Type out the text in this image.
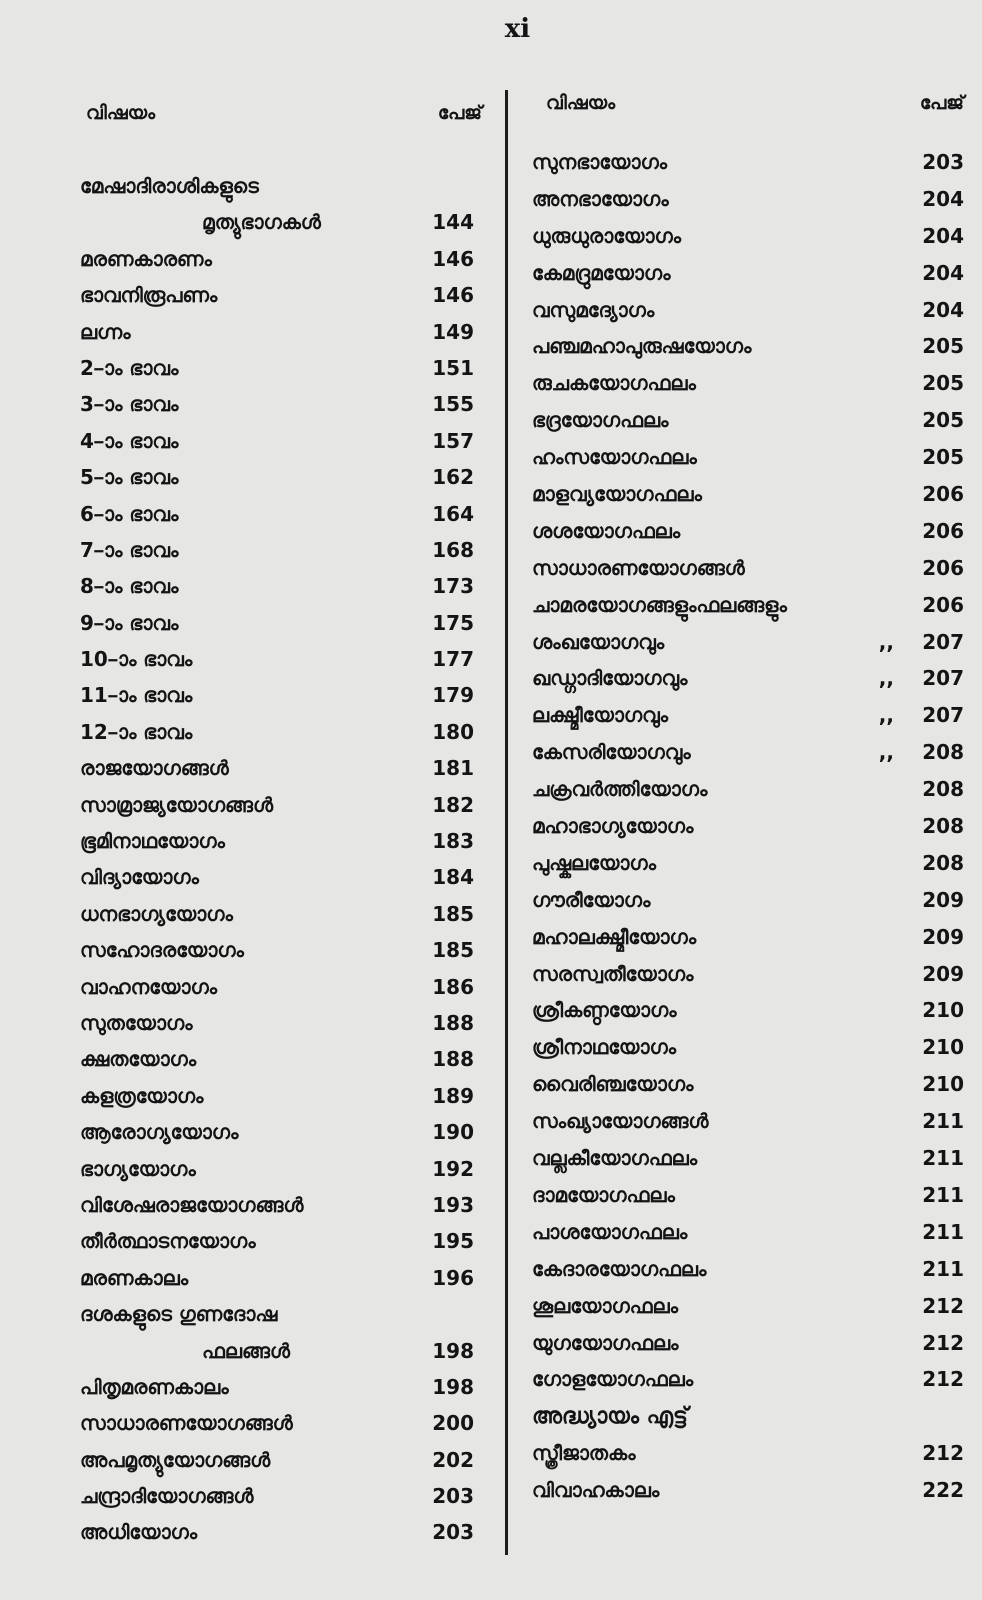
xi
വിഷയം	പേജ്
മേഷാദിരാശികളുടെ
മൃത്യുഭാഗകൾ	144
മരണകാരണം	146
ഭാവനിരൂപണം	146
ലഗ്നം	149
2–ാം ഭാവം	151
3–ാം ഭാവം	155
4–ാം ഭാവം	157
5–ാം ഭാവം	162
6–ാം ഭാവം	164
7–ാം ഭാവം	168
8–ാം ഭാവം	173
9–ാം ഭാവം	175
10–ാം ഭാവം	177
11–ാം ഭാവം	179
12–ാം ഭാവം	180
രാജയോഗങ്ങൾ	181
സാമ്രാജ്യയോഗങ്ങൾ	182
ഭൂമിനാഥയോഗം	183
വിദ്യായോഗം	184
ധനഭാഗ്യയോഗം	185
സഹോദരയോഗം	185
വാഹനയോഗം	186
സുതയോഗം	188
ക്ഷതയോഗം	188
കളത്രയോഗം	189
ആരോഗ്യയോഗം	190
ഭാഗ്യയോഗം	192
വിശേഷരാജയോഗങ്ങൾ	193
തീർത്ഥാടനയോഗം	195
മരണകാലം	196
ദശകളുടെ ഗുണദോഷ
ഫലങ്ങൾ	198
പിതൃമരണകാലം	198
സാധാരണയോഗങ്ങൾ	200
അപമൃത്യുയോഗങ്ങൾ	202
ചന്ദ്രാദിയോഗങ്ങൾ	203
അധിയോഗം	203
വിഷയം	പേജ്
സുനഭായോഗം	203
അനഭായോഗം	204
ധുരുധുരായോഗം	204
കേമദ്രുമയോഗം	204
വസുമദ്യോഗം	204
പഞ്ചമഹാപുരുഷയോഗം	205
രുചകയോഗഫലം	205
ഭദ്രയോഗഫലം	205
ഹംസയോഗഫലം	205
മാളവ്യയോഗഫലം	206
ശശയോഗഫലം	206
സാധാരണയോഗങ്ങൾ	206
ചാമരയോഗങ്ങളുംഫലങ്ങളും	206
ശംഖയോഗവും	,, 207
ഖഡ്ഗാദിയോഗവും	,, 207
ലക്ഷ്മീയോഗവും	,, 207
കേസരിയോഗവും	,, 208
ചക്രവർത്തിയോഗം	208
മഹാഭാഗ്യയോഗം	208
പുഷ്കലയോഗം	208
ഗൗരീയോഗം	209
മഹാലക്ഷ്മീയോഗം	209
സരസ്വതീയോഗം	209
ശ്രീകണ്ഠയോഗം	210
ശ്രീനാഥയോഗം	210
വൈരിഞ്ചയോഗം	210
സംഖ്യായോഗങ്ങൾ	211
വല്ലകീയോഗഫലം	211
ദാമയോഗഫലം	211
പാശയോഗഫലം	211
കേദാരയോഗഫലം	211
ശൂലയോഗഫലം	212
യുഗയോഗഫലം	212
ഗോളയോഗഫലം	212
അദ്ധ്യായം എട്ട്
സ്ത്രീജാതകം	212
വിവാഹകാലം	222
